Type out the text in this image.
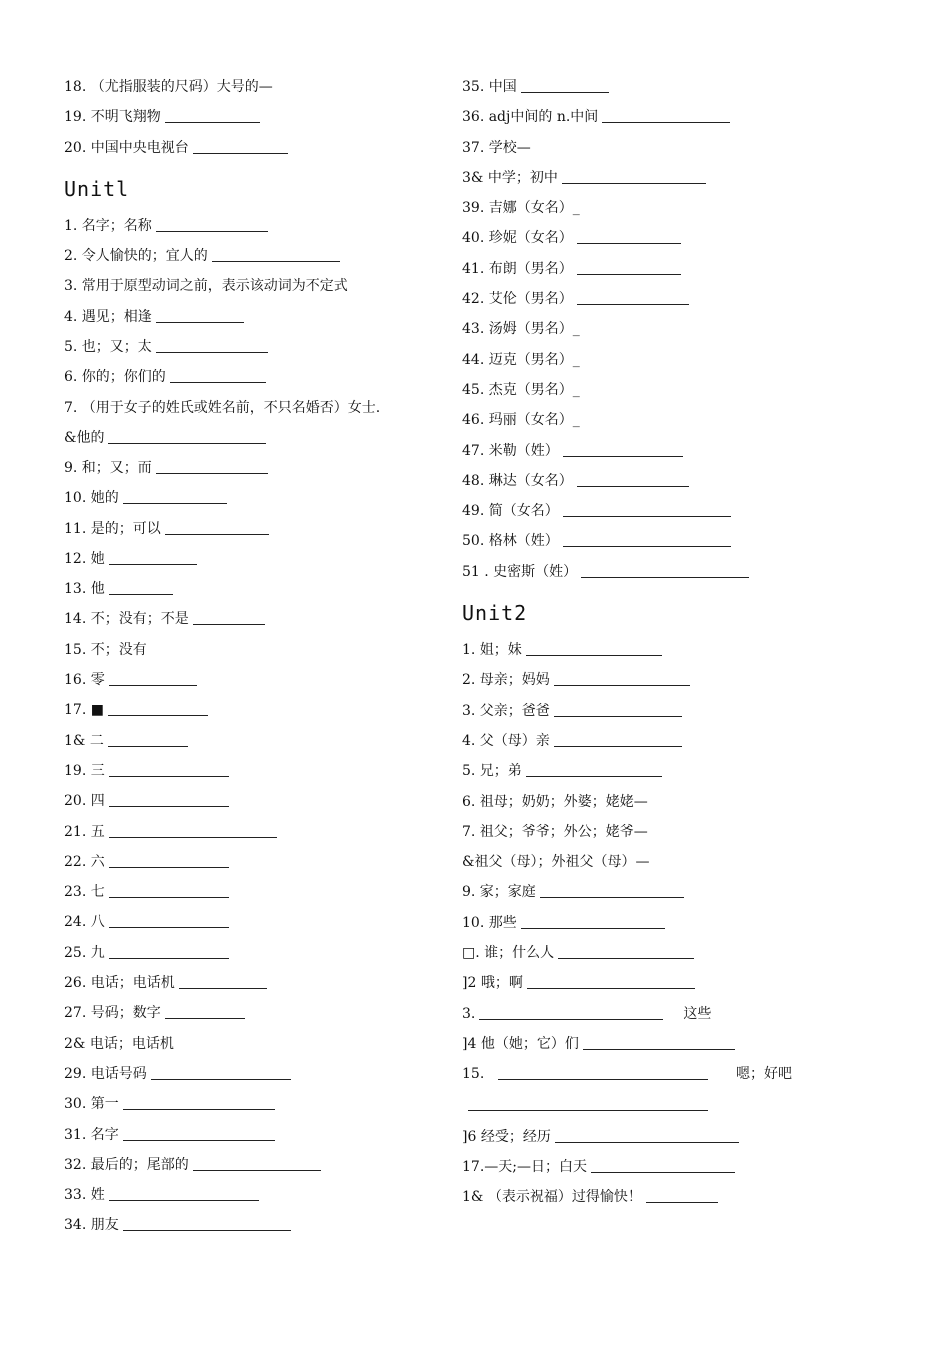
18. （尤指服装的尺码）大号的—
19. 不明飞翔物
20. 中国中央电视台
Unitl
1. 名字；名称
2. 令人愉快的；宜人的
3. 常用于原型动词之前，表示该动词为不定式
4. 遇见；相逢
5. 也；又；太
6. 你的；你们的
7. （用于女子的姓氏或姓名前，不只名婚否）女士.
&他的
9. 和；又；而
10. 她的
11. 是的；可以
12. 她
13. 他
14. 不；没有；不是
15. 不；没有
16. 零
17. ■
1& 二
19. 三
20. 四
21. 五
22. 六
23. 七
24. 八
25. 九
26. 电话；电话机
27. 号码；数字
2& 电话；电话机
29. 电话号码
30. 第一
31. 名字
32. 最后的；尾部的
33. 姓
34. 朋友
35. 中国
36. adj中间的 n.中间
37. 学校—
3& 中学；初中
39. 吉娜（女名）_
40. 珍妮（女名）
41. 布朗（男名）
42. 艾伦（男名）
43. 汤姆（男名）_
44. 迈克（男名）_
45. 杰克（男名）_
46. 玛丽（女名）_
47. 米勒（姓）
48. 琳达（女名）
49. 简（女名）
50. 格林（姓）
51 . 史密斯（姓）
Unit2
1. 姐；妹
2. 母亲；妈妈
3. 父亲；爸爸
4. 父（母）亲
5. 兄；弟
6. 祖母；奶奶；外婆；姥姥—
7. 祖父；爷爷；外公；姥爷—
&祖父（母）；外祖父（母）—
9. 家；家庭
10. 那些
□. 谁；什么人
]2 哦；啊
3.	这些
]4 他（她；它）们
15.	嗯；好吧
]6 经受；经历
17.—天;—日；白天
1& （表示祝福）过得愉快！
